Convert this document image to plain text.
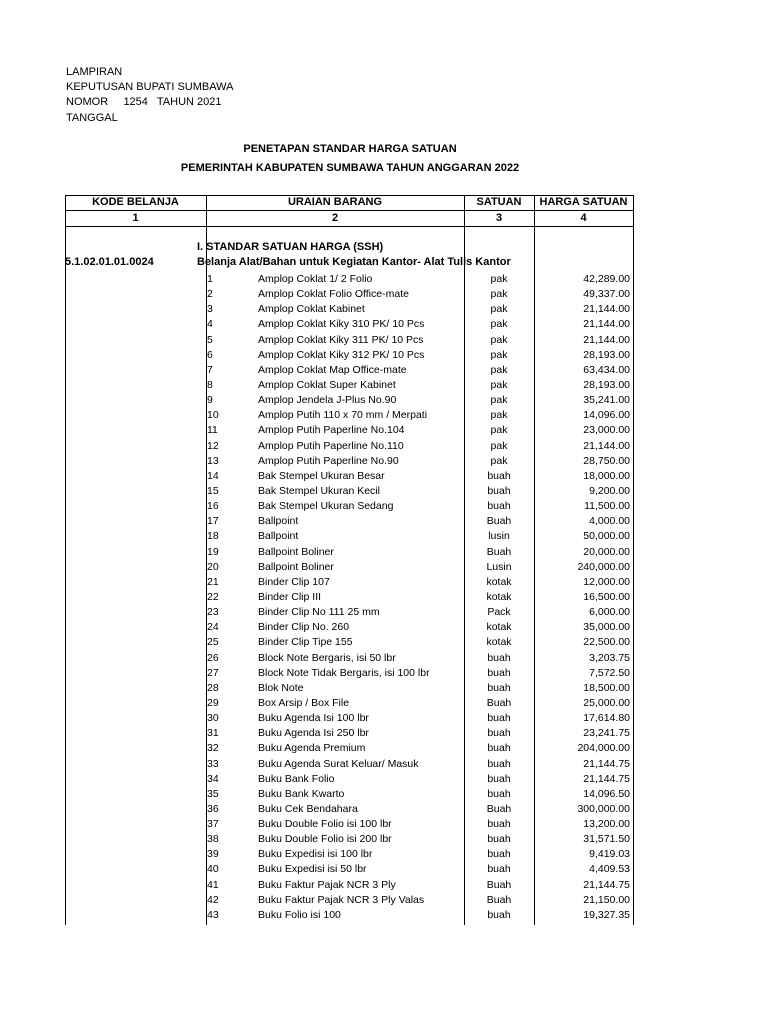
LAMPIRAN
KEPUTUSAN BUPATI SUMBAWA
NOMOR     1254   TAHUN 2021
TANGGAL
PENETAPAN STANDAR HARGA SATUAN
PEMERINTAH KABUPATEN SUMBAWA TAHUN ANGGARAN 2022
KODE BELANJA	URAIAN BARANG	SATUAN	HARGA SATUAN
1	2	3	4
I. STANDAR SATUAN HARGA (SSH)
5.1.02.01.01.0024	Belanja Alat/Bahan untuk Kegiatan Kantor- Alat Tulis Kantor
1	Amplop Coklat 1/ 2 Folio	pak	42,289.00
2	Amplop Coklat Folio Office-mate	pak	49,337.00
3	Amplop Coklat Kabinet	pak	21,144.00
4	Amplop Coklat Kiky 310 PK/ 10 Pcs	pak	21,144.00
5	Amplop Coklat Kiky 311 PK/ 10 Pcs	pak	21,144.00
6	Amplop Coklat Kiky 312 PK/ 10 Pcs	pak	28,193.00
7	Amplop Coklat Map Office-mate	pak	63,434.00
8	Amplop Coklat Super Kabinet	pak	28,193.00
9	Amplop Jendela J-Plus No.90	pak	35,241.00
10	Amplop Putih 110 x 70 mm / Merpati	pak	14,096.00
11	Amplop Putih Paperline No.104	pak	23,000.00
12	Amplop Putih Paperline No.110	pak	21,144.00
13	Amplop Putih Paperline No.90	pak	28,750.00
14	Bak Stempel Ukuran Besar	buah	18,000.00
15	Bak Stempel Ukuran Kecil	buah	9,200.00
16	Bak Stempel Ukuran Sedang	buah	11,500.00
17	Ballpoint	Buah	4,000.00
18	Ballpoint	lusin	50,000.00
19	Ballpoint Boliner	Buah	20,000.00
20	Ballpoint Boliner	Lusin	240,000.00
21	Binder Clip 107	kotak	12,000.00
22	Binder Clip III	kotak	16,500.00
23	Binder Clip No 111 25 mm	Pack	6,000.00
24	Binder Clip No. 260	kotak	35,000.00
25	Binder Clip Tipe 155	kotak	22,500.00
26	Block Note Bergaris, isi 50 lbr	buah	3,203.75
27	Block Note Tidak Bergaris, isi 100 lbr	buah	7,572.50
28	Blok Note	buah	18,500.00
29	Box Arsip / Box File	Buah	25,000.00
30	Buku Agenda Isi 100 lbr	buah	17,614.80
31	Buku Agenda Isi 250 lbr	buah	23,241.75
32	Buku Agenda Premium	buah	204,000.00
33	Buku Agenda Surat Keluar/ Masuk	buah	21,144.75
34	Buku Bank Folio	buah	21,144.75
35	Buku Bank Kwarto	buah	14,096.50
36	Buku Cek Bendahara	Buah	300,000.00
37	Buku Double Folio isi 100 lbr	buah	13,200.00
38	Buku Double Folio isi 200 lbr	buah	31,571.50
39	Buku Expedisi isi 100 lbr	buah	9,419.03
40	Buku Expedisi isi 50 lbr	buah	4,409.53
41	Buku Faktur Pajak NCR 3 Ply	Buah	21,144.75
42	Buku Faktur Pajak NCR 3 Ply Valas	Buah	21,150.00
43	Buku Folio isi 100	buah	19,327.35
